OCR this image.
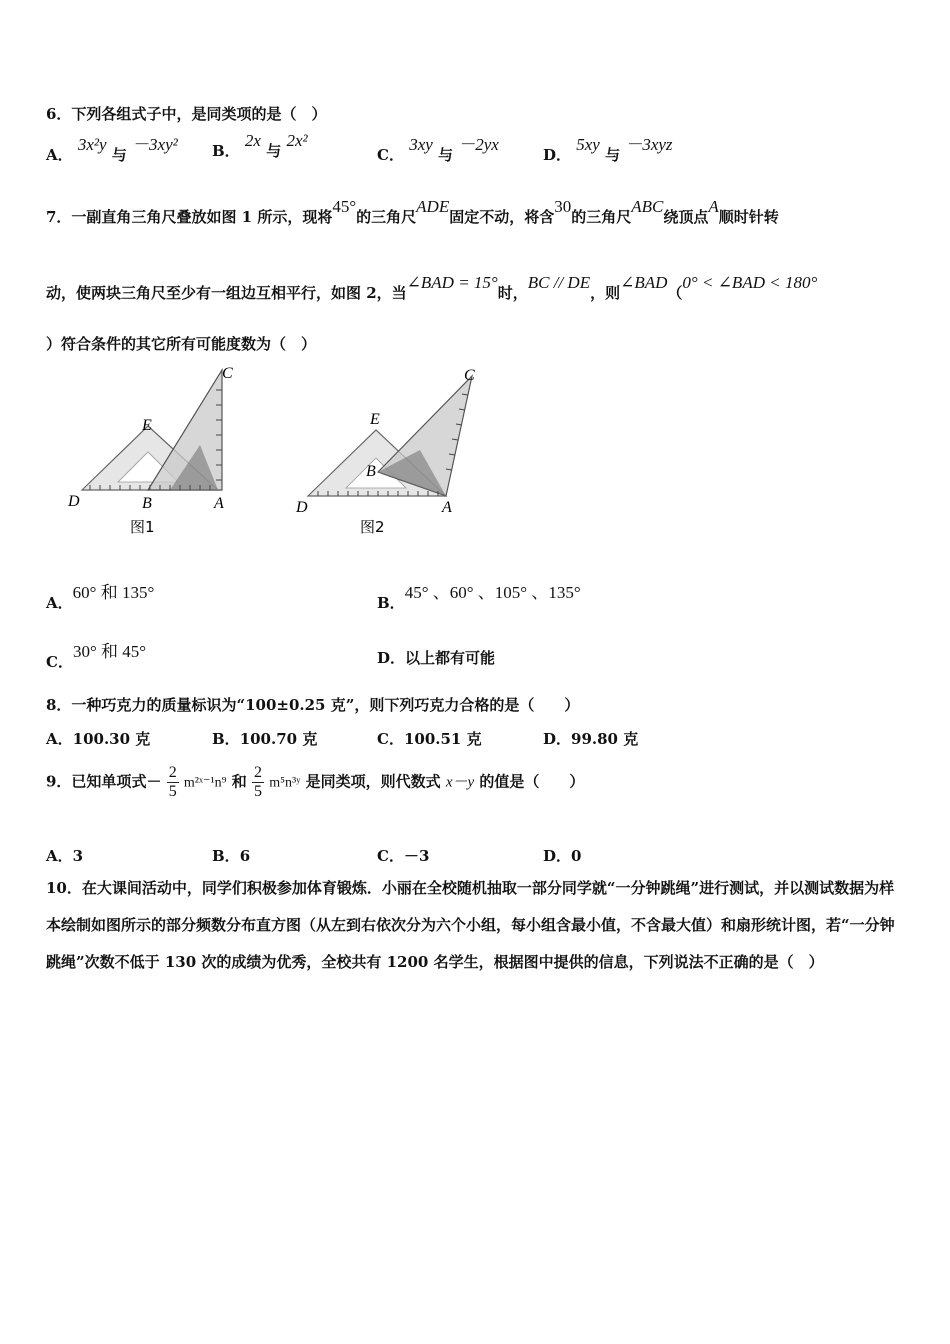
6．下列各组式子中，是同类项的是（　）
A． 3x²y 与 －3xy² B． 2x 与 2x²
C． 3xy 与 －2yx
D． 5xy 与 －3xyz
7．一副直角三角尺叠放如图 1 所示，现将45°的三角尺ADE固定不动，将含30的三角尺ABC绕顶点A顺时针转
动，使两块三角尺至少有一组边互相平行，如图 2，当∠BAD = 15°时，BC // DE，则∠BAD（0° < ∠BAD < 180°
）符合条件的其它所有可能度数为（　）
E
C
D	B	A
图1
E
C
D
B
A
图2
A．60° 和 135°
B．45° 、60° 、105° 、135°
C．30° 和 45°	D．以上都有可能
8．一种巧克力的质量标识为“100±0.25 克”，则下列巧克力合格的是（　　）
A．100.30 克	B．100.70 克	C．100.51 克	D．99.80 克
9．已知单项式－ $\frac{2}{5}$ m²ˣ⁻¹n⁹ 和 $\frac{2}{5}$ m⁵n³ʸ 是同类项，则代数式 x－y 的值是（　　）
A．3	B．6	C．－3	D．0
10．在大课间活动中，同学们积极参加体育锻炼．小丽在全校随机抽取一部分同学就“一分钟跳绳”进行测试，并以测试数据为样本绘制如图所示的部分频数分布直方图（从左到右依次分为六个小组，每小组含最小值，不含最大值）和扇形统计图，若“一分钟跳绳”次数不低于 130 次的成绩为优秀，全校共有 1200 名学生，根据图中提供的信息，下列说法不正确的是（　）
